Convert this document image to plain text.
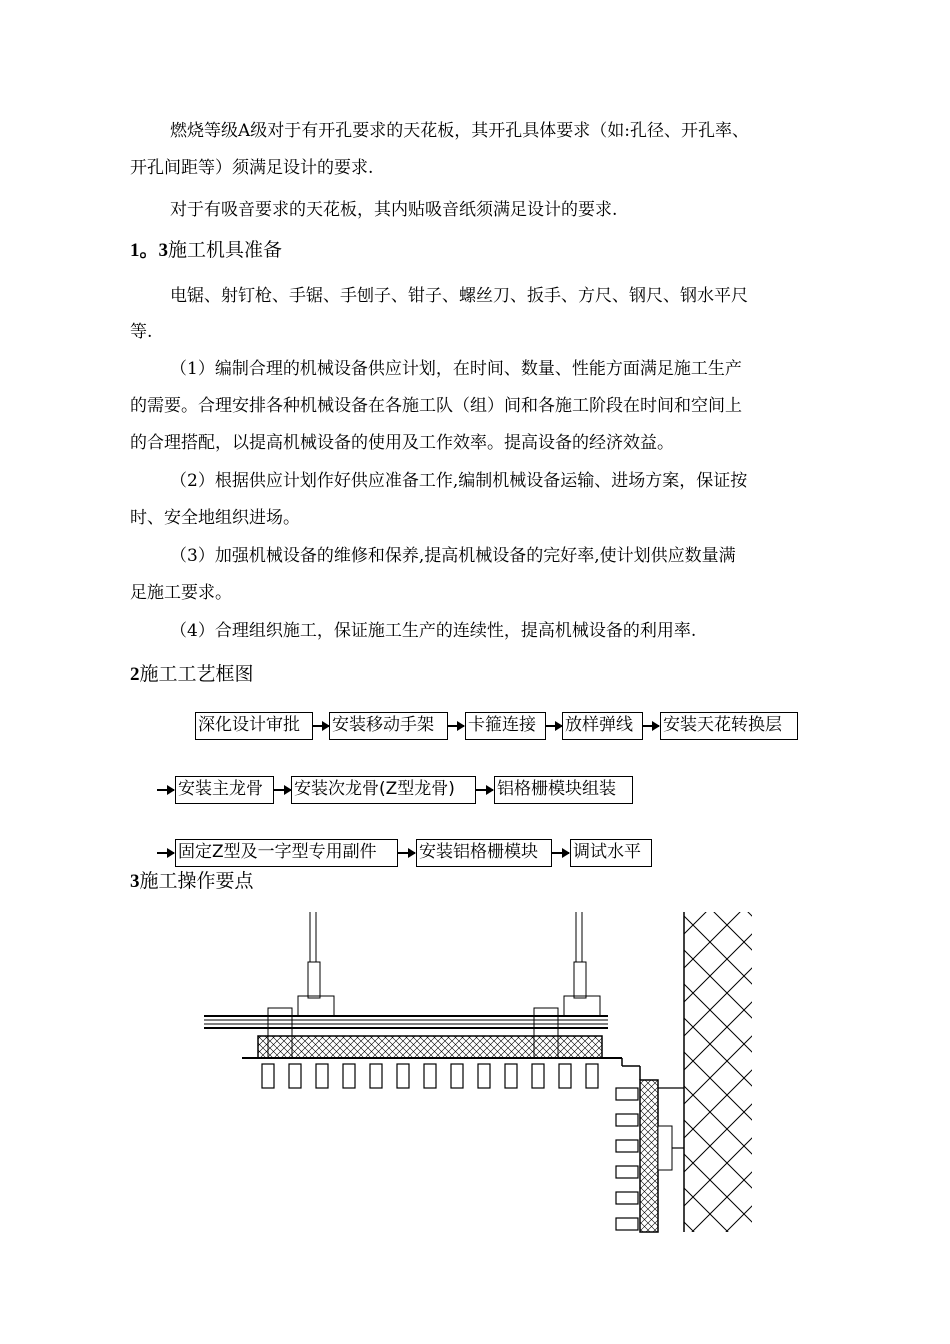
燃烧等级A级对于有开孔要求的天花板，其开孔具体要求（如:孔径、开孔率、
开孔间距等）须满足设计的要求.
对于有吸音要求的天花板，其内贴吸音纸须满足设计的要求.
1。3施工机具准备
电锯、射钉枪、手锯、手刨子、钳子、螺丝刀、扳手、方尺、钢尺、钢水平尺
等.
（1）编制合理的机械设备供应计划，在时间、数量、性能方面满足施工生产
的需要。合理安排各种机械设备在各施工队（组）间和各施工阶段在时间和空间上
的合理搭配，以提高机械设备的使用及工作效率。提高设备的经济效益。
（2）根据供应计划作好供应准备工作,编制机械设备运输、进场方案，保证按
时、安全地组织进场。
（3）加强机械设备的维修和保养,提高机械设备的完好率,使计划供应数量满
足施工要求。
（4）合理组织施工，保证施工生产的连续性，提高机械设备的利用率.
2施工工艺框图
深化设计审批	安装移动手架	卡箍连接	放样弹线	安装天花转换层
安装主龙骨	安装次龙骨(Z型龙骨)	铝格栅模块组装
固定Z型及一字型专用副件	安装铝格栅模块	调试水平
3施工操作要点
